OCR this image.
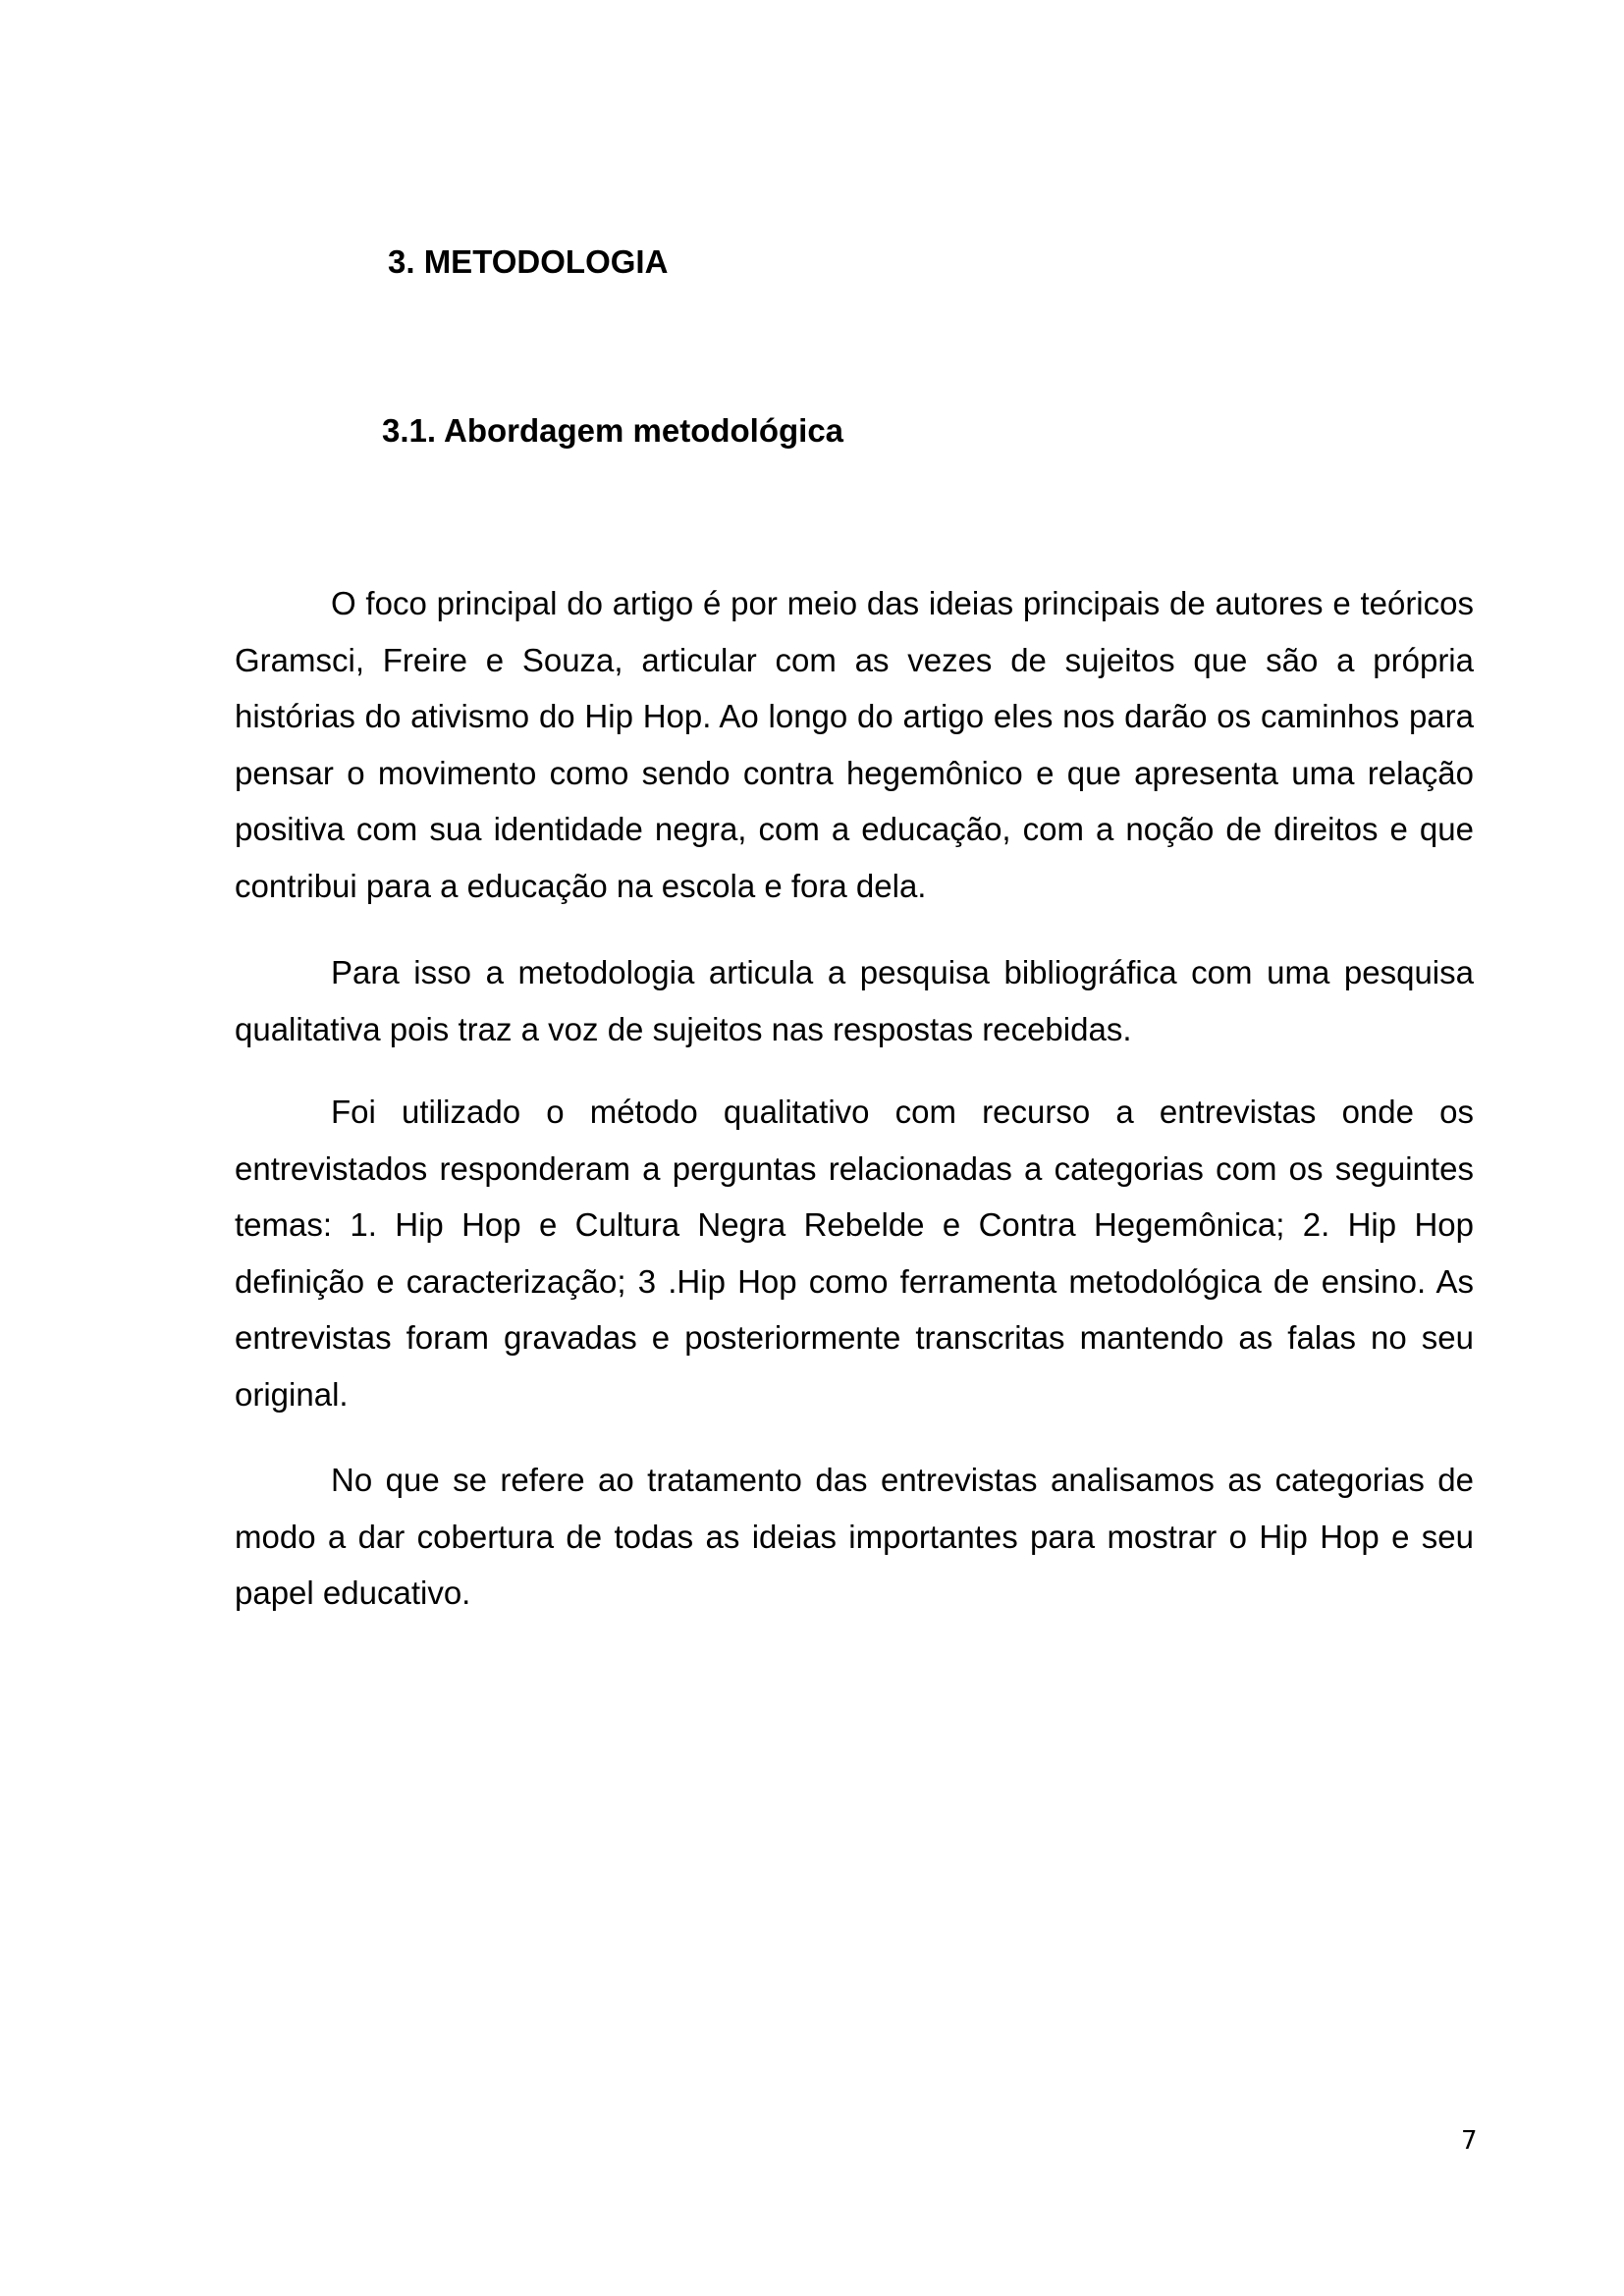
3. METODOLOGIA
3.1. Abordagem metodológica

O foco principal do artigo é por meio das ideias principais de autores e teóricos Gramsci, Freire e Souza, articular com as vezes de sujeitos que são a própria histórias do ativismo do Hip Hop. Ao longo do artigo eles nos darão os caminhos para pensar o movimento como sendo contra hegemônico e que apresenta uma relação positiva com sua identidade negra, com a educação, com a noção de direitos e que contribui para a educação na escola e fora dela.

Para isso a metodologia articula a pesquisa bibliográfica com uma pesquisa qualitativa pois traz a voz de sujeitos nas respostas recebidas.

Foi utilizado o método qualitativo com recurso a entrevistas onde os entrevistados responderam a perguntas relacionadas a categorias com os seguintes temas: 1. Hip Hop e Cultura Negra Rebelde e Contra Hegemônica; 2. Hip Hop definição e caracterização; 3 .Hip Hop como ferramenta metodológica de ensino. As entrevistas foram gravadas e posteriormente transcritas mantendo as falas no seu original.

No que se refere ao tratamento das entrevistas analisamos as categorias de modo a dar cobertura de todas as ideias importantes para mostrar o Hip Hop e seu papel educativo.

7
